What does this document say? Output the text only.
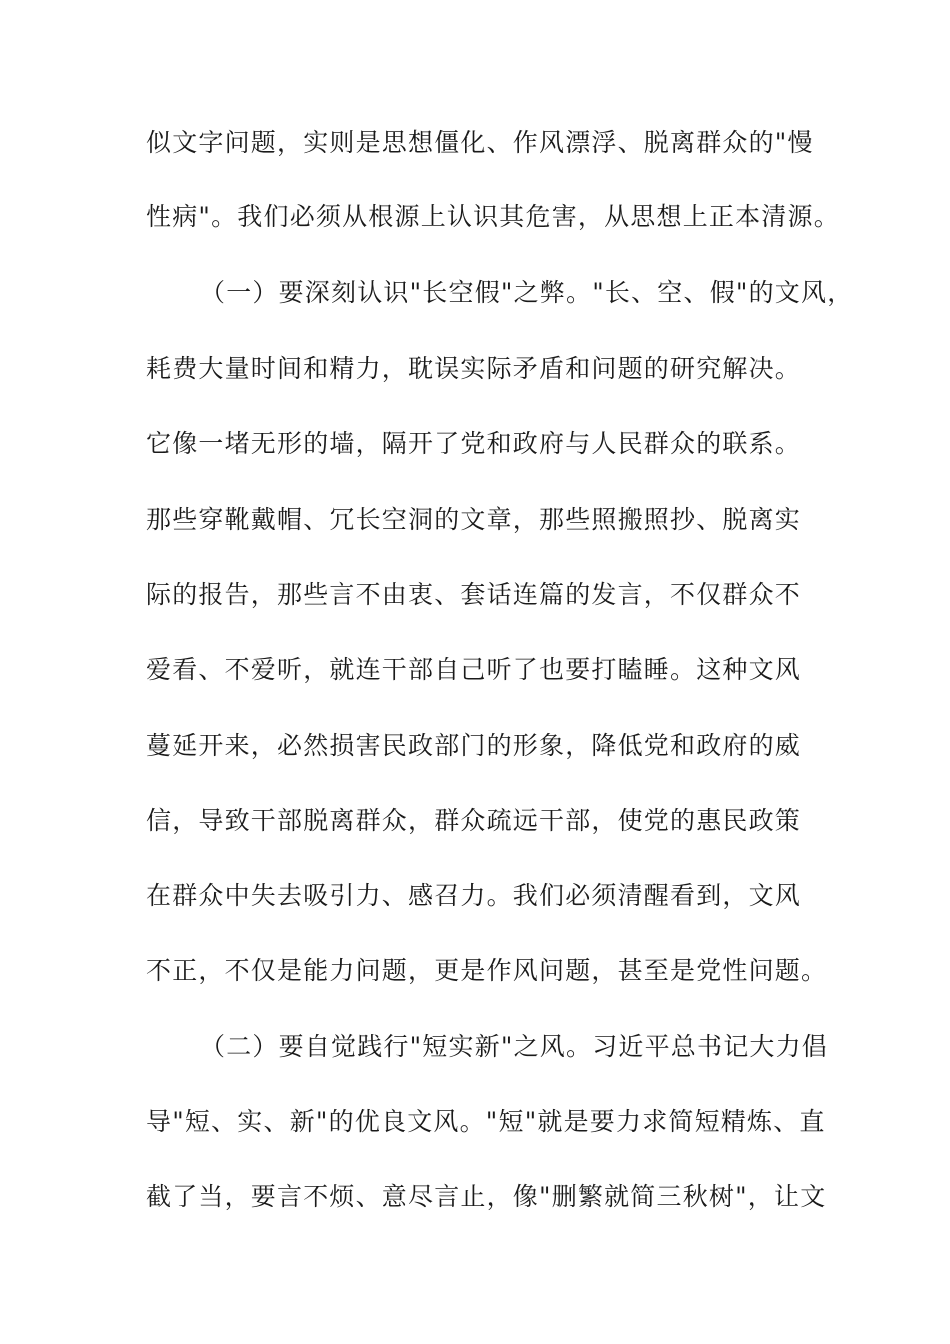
似文字问题，实则是思想僵化、作风漂浮、脱离群众的"慢
性病"。我们必须从根源上认识其危害，从思想上正本清源。
（一）要深刻认识"长空假"之弊。"长、空、假"的文风，
耗费大量时间和精力，耽误实际矛盾和问题的研究解决。
它像一堵无形的墙，隔开了党和政府与人民群众的联系。
那些穿靴戴帽、冗长空洞的文章，那些照搬照抄、脱离实
际的报告，那些言不由衷、套话连篇的发言，不仅群众不
爱看、不爱听，就连干部自己听了也要打瞌睡。这种文风
蔓延开来，必然损害民政部门的形象，降低党和政府的威
信，导致干部脱离群众，群众疏远干部，使党的惠民政策
在群众中失去吸引力、感召力。我们必须清醒看到，文风
不正，不仅是能力问题，更是作风问题，甚至是党性问题。
（二）要自觉践行"短实新"之风。习近平总书记大力倡
导"短、实、新"的优良文风。"短"就是要力求简短精炼、直
截了当，要言不烦、意尽言止，像"删繁就简三秋树"，让文
